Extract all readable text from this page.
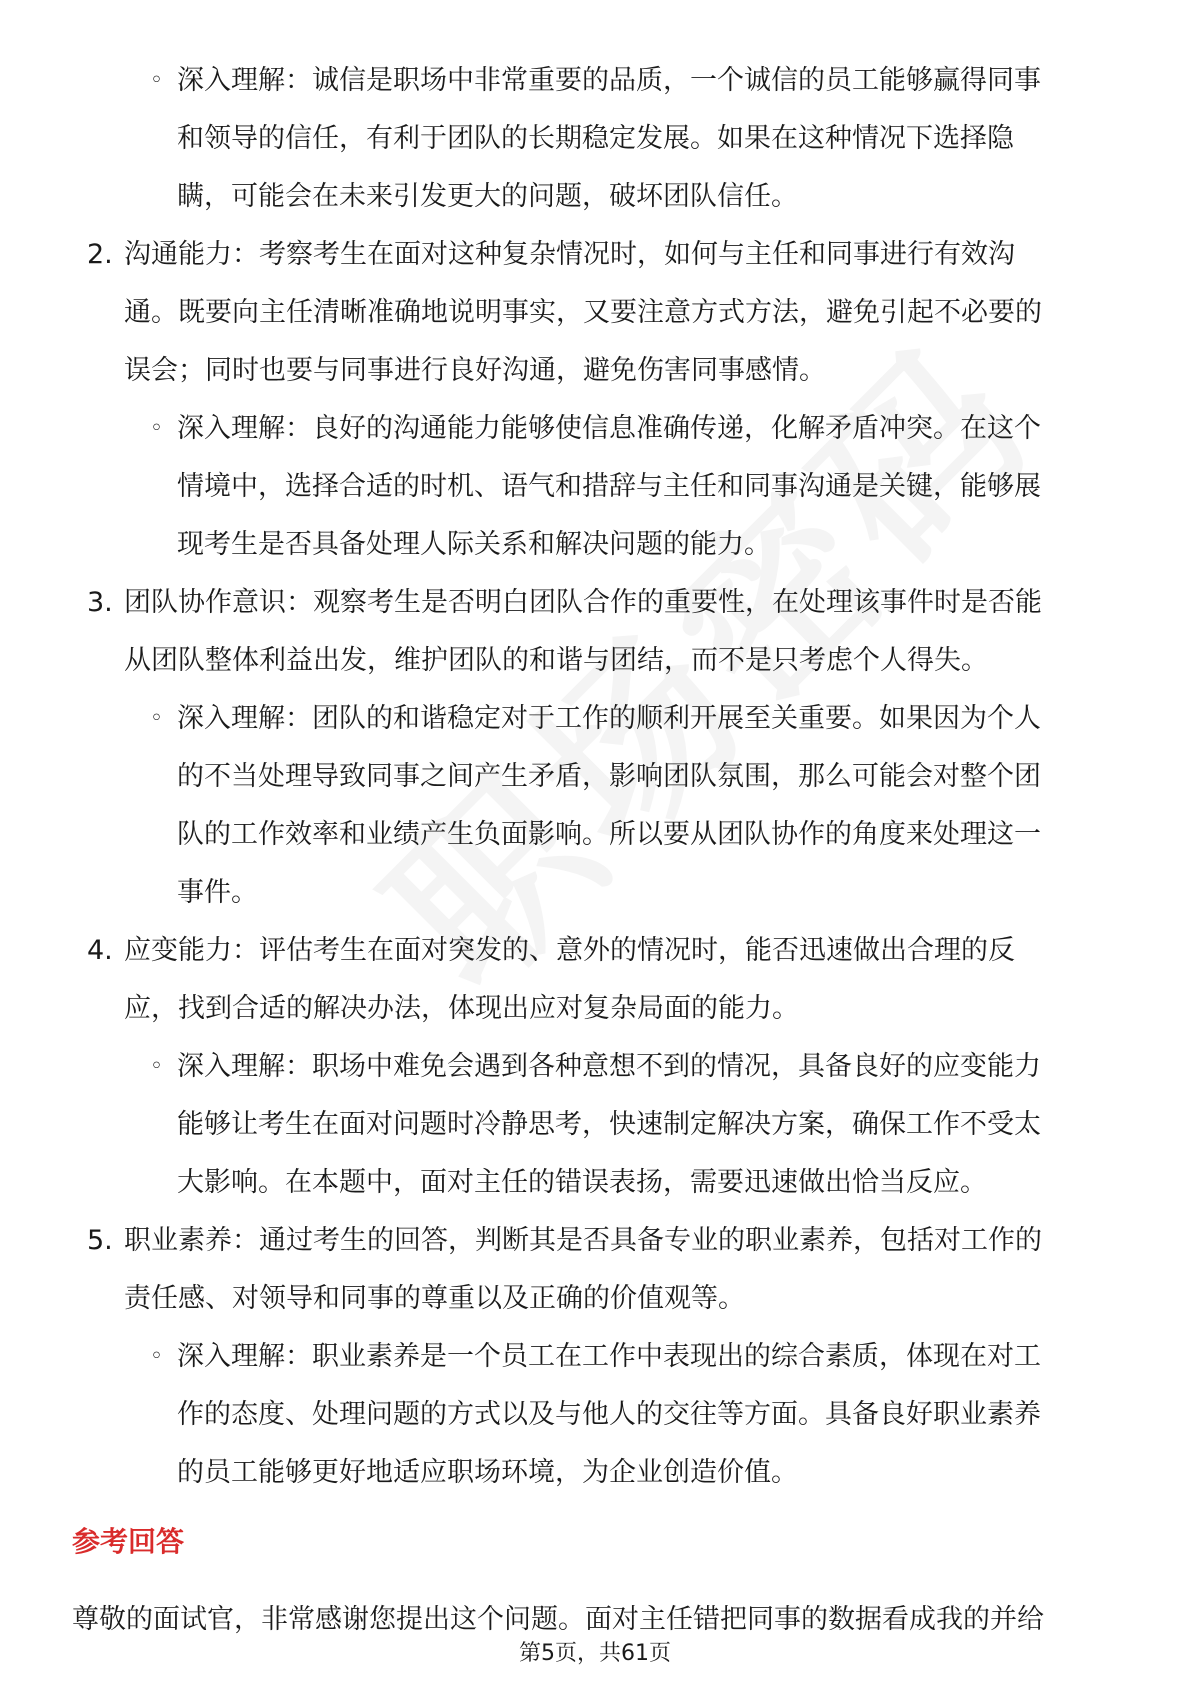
◦ 深入理解：诚信是职场中非常重要的品质，一个诚信的员工能够赢得同事
和领导的信任，有利于团队的长期稳定发展。如果在这种情况下选择隐
瞒，可能会在未来引发更大的问题，破坏团队信任。
2. 沟通能力：考察考生在面对这种复杂情况时，如何与主任和同事进行有效沟
通。既要向主任清晰准确地说明事实，又要注意方式方法，避免引起不必要的
误会；同时也要与同事进行良好沟通，避免伤害同事感情。
◦ 深入理解：良好的沟通能力能够使信息准确传递，化解矛盾冲突。在这个
情境中，选择合适的时机、语气和措辞与主任和同事沟通是关键，能够展
现考生是否具备处理人际关系和解决问题的能力。
3. 团队协作意识：观察考生是否明白团队合作的重要性，在处理该事件时是否能
从团队整体利益出发，维护团队的和谐与团结，而不是只考虑个人得失。
◦ 深入理解：团队的和谐稳定对于工作的顺利开展至关重要。如果因为个人
的不当处理导致同事之间产生矛盾，影响团队氛围，那么可能会对整个团
队的工作效率和业绩产生负面影响。所以要从团队协作的角度来处理这一
事件。
4. 应变能力：评估考生在面对突发的、意外的情况时，能否迅速做出合理的反
应，找到合适的解决办法，体现出应对复杂局面的能力。
◦ 深入理解：职场中难免会遇到各种意想不到的情况，具备良好的应变能力
能够让考生在面对问题时冷静思考，快速制定解决方案，确保工作不受太
大影响。在本题中，面对主任的错误表扬，需要迅速做出恰当反应。
5. 职业素养：通过考生的回答，判断其是否具备专业的职业素养，包括对工作的
责任感、对领导和同事的尊重以及正确的价值观等。
◦ 深入理解：职业素养是一个员工在工作中表现出的综合素质，体现在对工
作的态度、处理问题的方式以及与他人的交往等方面。具备良好职业素养
的员工能够更好地适应职场环境，为企业创造价值。
参考回答
尊敬的面试官，非常感谢您提出这个问题。面对主任错把同事的数据看成我的并给
第5页，共61页
